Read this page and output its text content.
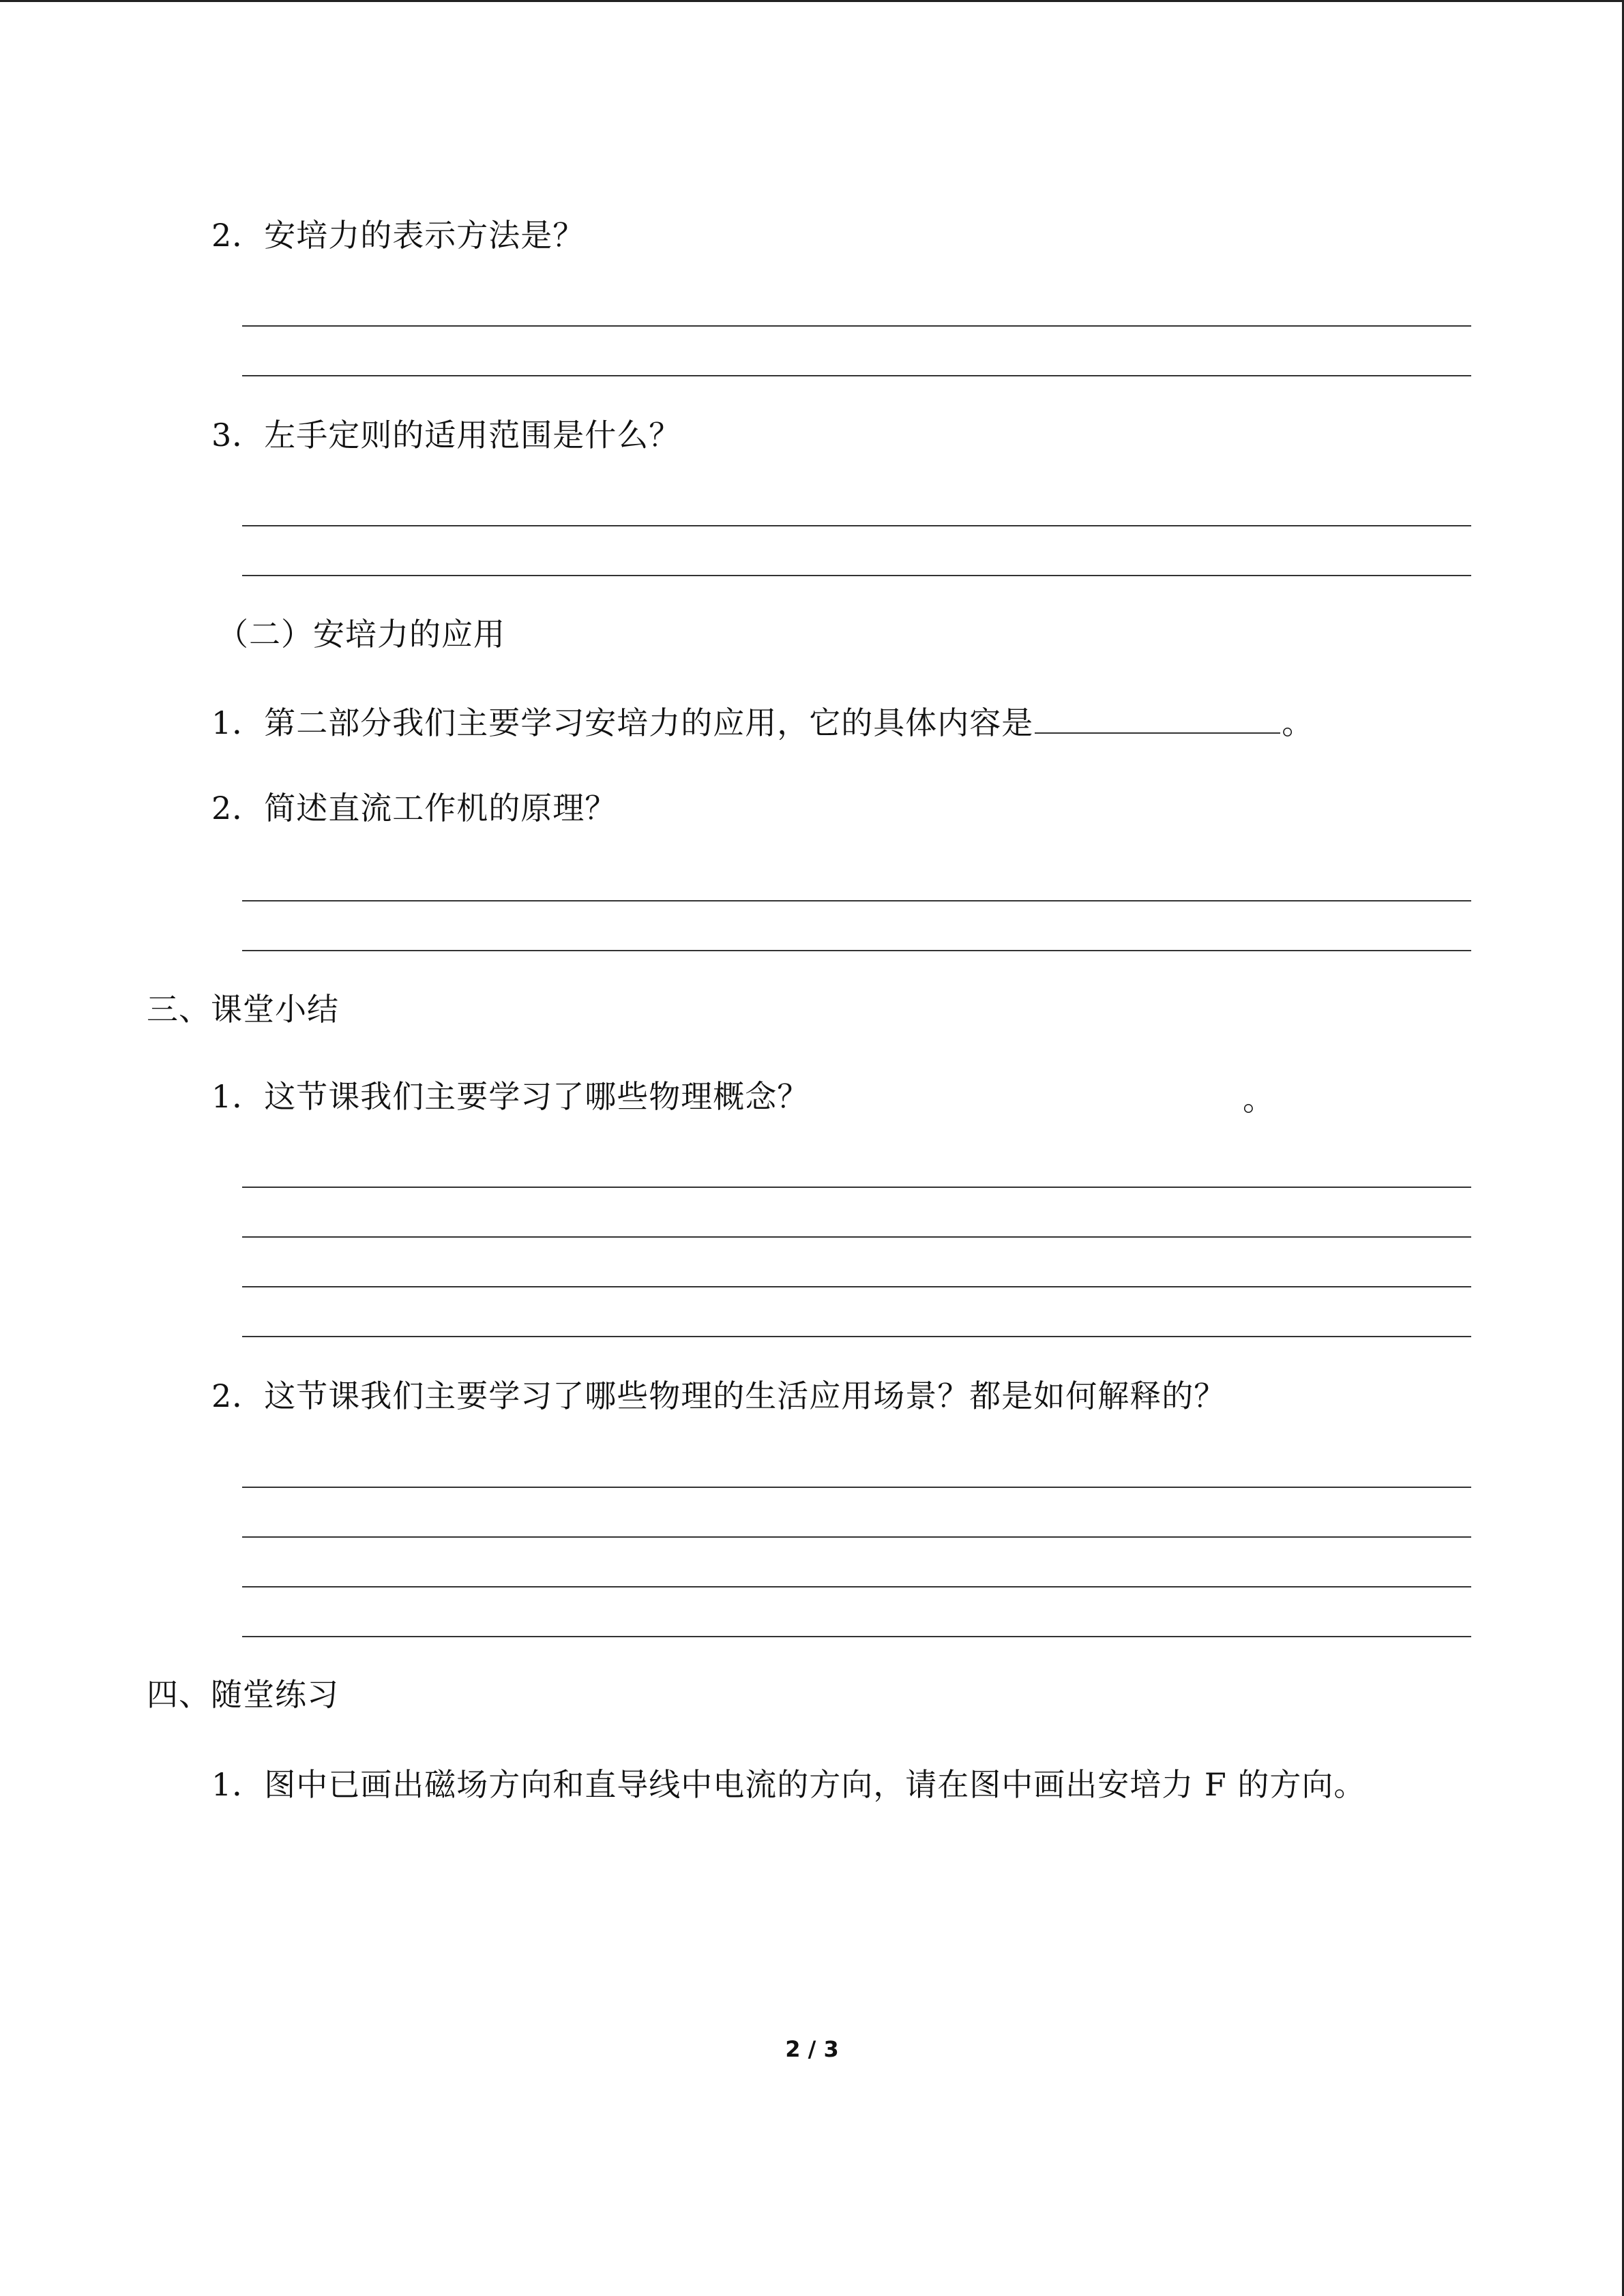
2．安培力的表示方法是？
3．左手定则的适用范围是什么？
（二）安培力的应用
1．第二部分我们主要学习安培力的应用，它的具体内容是	。
2．简述直流工作机的原理？
三、课堂小结
1．这节课我们主要学习了哪些物理概念？	。
2．这节课我们主要学习了哪些物理的生活应用场景？都是如何解释的？
四、随堂练习
1．图中已画出磁场方向和直导线中电流的方向，请在图中画出安培力 F 的方向。
2 / 3
